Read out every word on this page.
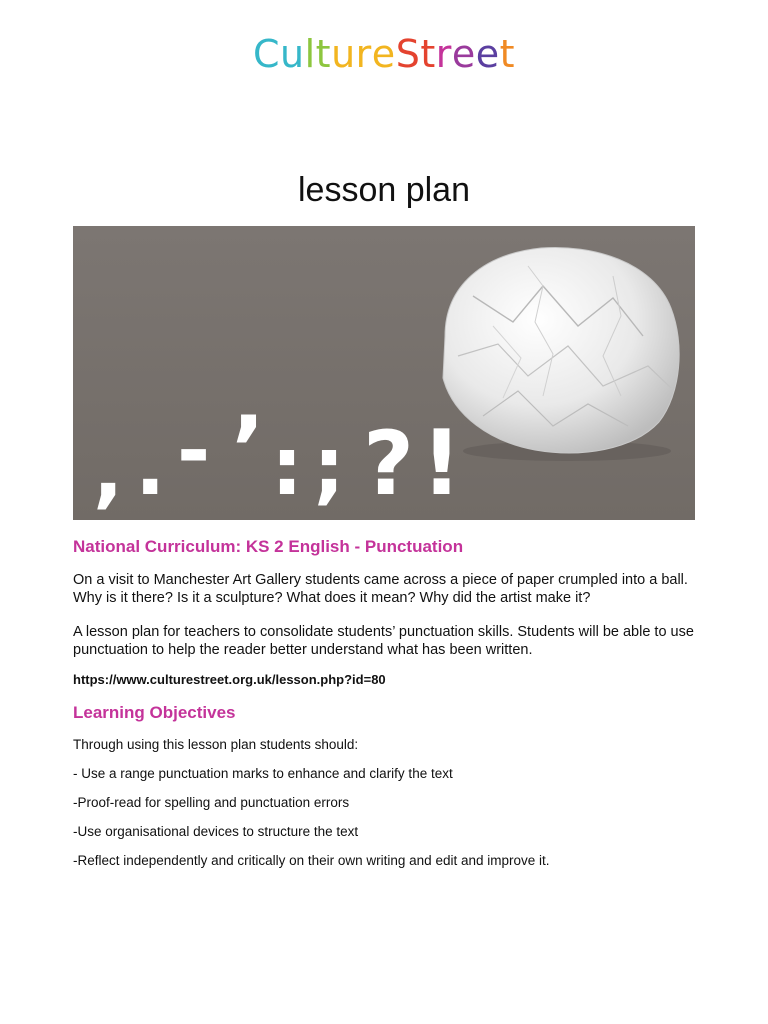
CultureStreet
lesson plan
, . - ’ : ; ? !
National Curriculum: KS 2 English - Punctuation

On a visit to Manchester Art Gallery students came across a piece of paper crumpled into a ball. Why is it there? Is it a sculpture? What does it mean? Why did the artist make it?

A lesson plan for teachers to consolidate students’ punctuation skills. Students will be able to use punctuation to help the reader better understand what has been written.

https://www.culturestreet.org.uk/lesson.php?id=80

Learning Objectives

Through using this lesson plan students should:

- Use a range punctuation marks to enhance and clarify the text

-Proof-read for spelling and punctuation errors

-Use organisational devices to structure the text

-Reflect independently and critically on their own writing and edit and improve it.
